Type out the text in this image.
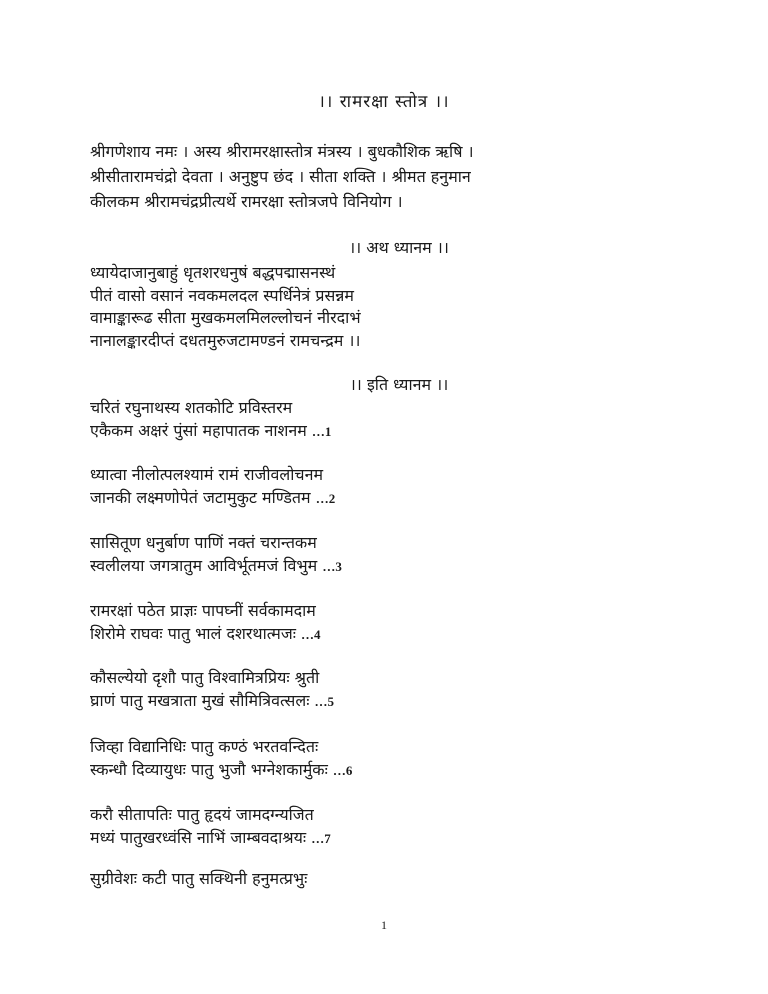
।। रामरक्षा स्तोत्र ।।
श्रीगणेशाय नमः । अस्य श्रीरामरक्षास्तोत्र मंत्रस्य । बुधकौशिक ऋषि ।
श्रीसीतारामचंद्रो देवता । अनुष्टुप छंद । सीता शक्ति । श्रीमत हनुमान
कीलकम श्रीरामचंद्रप्रीत्यर्थे रामरक्षा स्तोत्रजपे विनियोग ।
।। अथ ध्यानम ।।
ध्यायेदाजानुबाहुं धृतशरधनुषं बद्धपद्मासनस्थं
पीतं वासो वसानं नवकमलदल स्पर्धिनेत्रं प्रसन्नम
वामाङ्कारूढ सीता मुखकमलमिलल्लोचनं नीरदाभं
नानालङ्कारदीप्तं दधतमुरुजटामण्डनं रामचन्द्रम ।।
।। इति ध्यानम ।।
चरितं रघुनाथस्य शतकोटि प्रविस्तरम
एकैकम अक्षरं पुंसां महापातक नाशनम …1
ध्यात्वा नीलोत्पलश्यामं रामं राजीवलोचनम
जानकी लक्ष्मणोपेतं जटामुकुट मण्डितम …2
सासितूण धनुर्बाण पाणिं नक्तं चरान्तकम
स्वलीलया जगत्रातुम आविर्भूतमजं विभुम …3
रामरक्षां पठेत प्राज्ञः पापघ्नीं सर्वकामदाम
शिरोमे राघवः पातु भालं दशरथात्मजः …4
कौसल्येयो दृशौ पातु विश्वामित्रप्रियः श्रुती
घ्राणं पातु मखत्राता मुखं सौमित्रिवत्सलः …5
जिव्हा विद्यानिधिः पातु कण्ठं भरतवन्दितः
स्कन्धौ दिव्यायुधः पातु भुजौ भग्नेशकार्मुकः …6
करौ सीतापतिः पातु हृदयं जामदग्न्यजित
मध्यं पातुखरध्वंसि नाभिं जाम्बवदाश्रयः …7
सुग्रीवेशः कटी पातु सक्थिनी हनुमत्प्रभुः
1
